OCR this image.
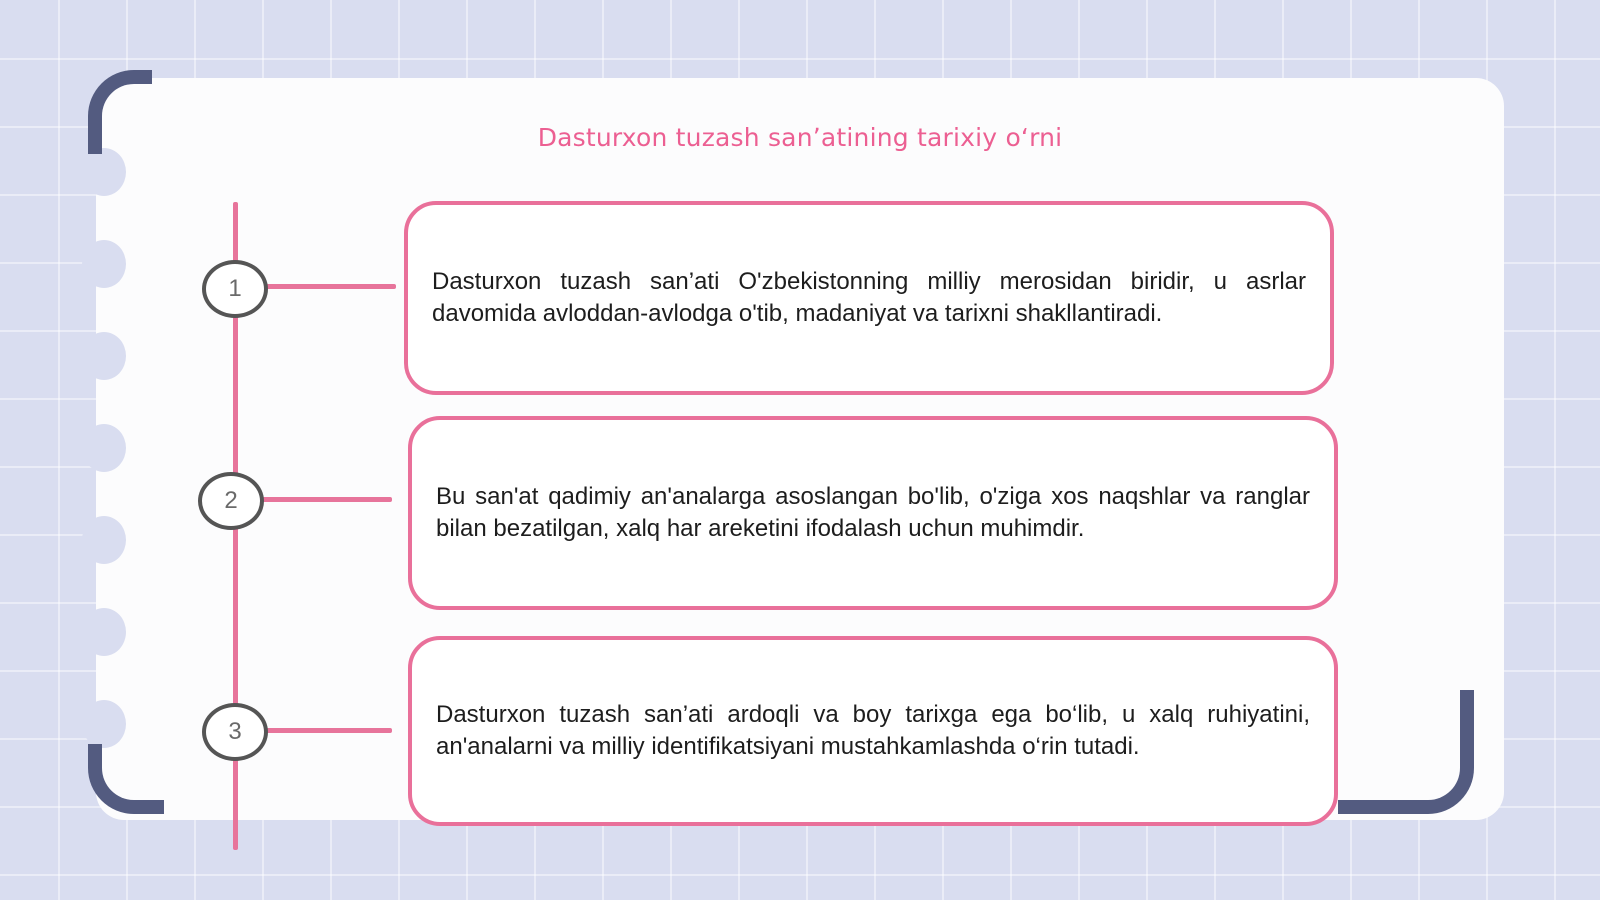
Dasturxon tuzash sanʼatining tarixiy oʻrni
1
2
3

Dasturxon tuzash san’ati O'zbekistonning milliy merosidan biridir, u asrlar davomida avloddan-avlodga o'tib, madaniyat va tarixni shakllantiradi.

Bu san'at qadimiy an'analarga asoslangan bo'lib, o'ziga xos naqshlar va ranglar bilan bezatilgan, xalq har areketini ifodalash uchun muhimdir.

Dasturxon tuzash san’ati ardoqli va boy tarixga ega bo‘lib, u xalq ruhiyatini, an'analarni va milliy identifikatsiyani mustahkamlashda o‘rin tutadi.
